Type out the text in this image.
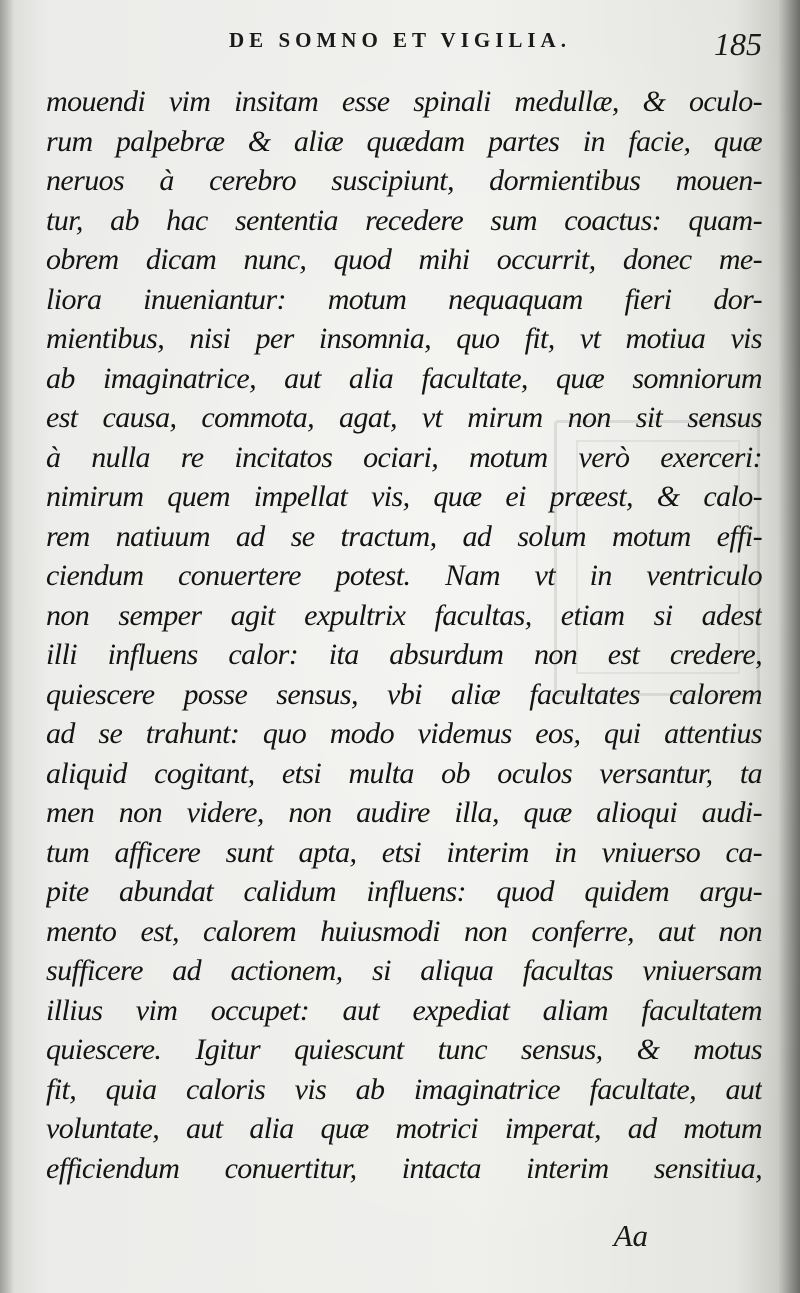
DE SOMNO ET VIGILIA.	185
mouendi vim insitam esse spinali medullæ, & oculo-
rum palpebræ & aliæ quædam partes in facie, quæ
neruos à cerebro suscipiunt, dormientibus mouen-
tur, ab hac sententia recedere sum coactus: quam-
obrem dicam nunc, quod mihi occurrit, donec me-
liora inueniantur: motum nequaquam fieri dor-
mientibus, nisi per insomnia, quo fit, vt motiua vis
ab imaginatrice, aut alia facultate, quæ somniorum
est causa, commota, agat, vt mirum non sit sensus
à nulla re incitatos ociari, motum verò exerceri:
nimirum quem impellat vis, quæ ei præest, & calo-
rem natiuum ad se tractum, ad solum motum effi-
ciendum conuertere potest. Nam vt in ventriculo
non semper agit expultrix facultas, etiam si adest
illi influens calor: ita absurdum non est credere,
quiescere posse sensus, vbi aliæ facultates calorem
ad se trahunt: quo modo videmus eos, qui attentius
aliquid cogitant, etsi multa ob oculos versantur, ta
men non videre, non audire illa, quæ alioqui audi-
tum afficere sunt apta, etsi interim in vniuerso ca-
pite abundat calidum influens: quod quidem argu-
mento est, calorem huiusmodi non conferre, aut non
sufficere ad actionem, si aliqua facultas vniuersam
illius vim occupet: aut expediat aliam facultatem
quiescere. Igitur quiescunt tunc sensus, & motus
fit, quia caloris vis ab imaginatrice facultate, aut
voluntate, aut alia quæ motrici imperat, ad motum
efficiendum conuertitur, intacta interim sensitiua,
Aa
